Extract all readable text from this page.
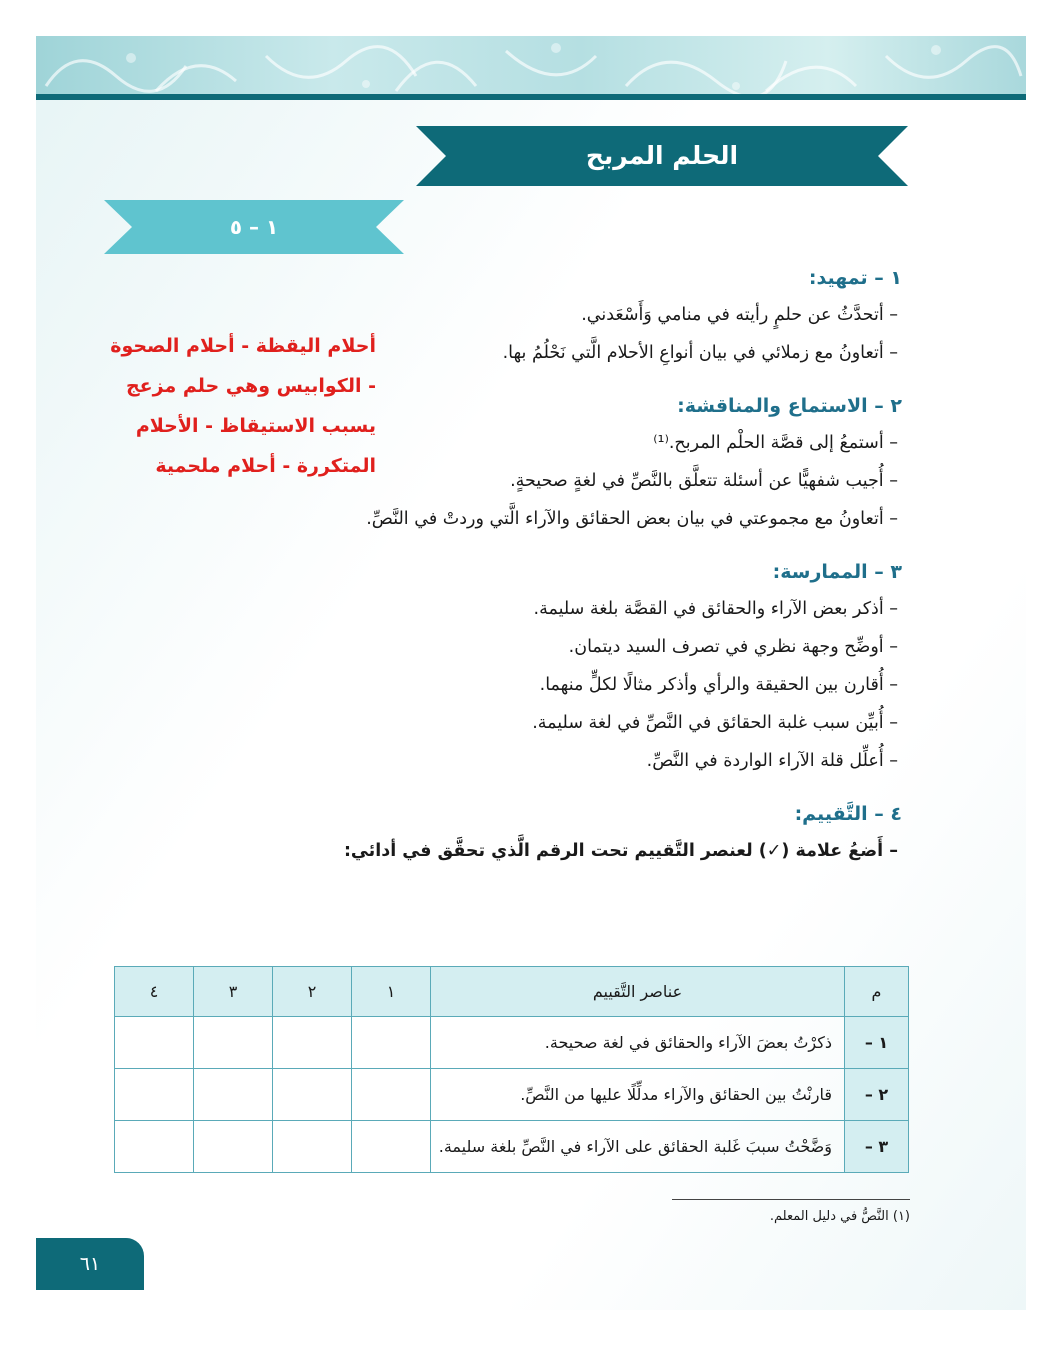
الحلم المربح
١ – ٥
١ – تمهيد:
– أتحدَّثُ عن حلمٍ رأيته في منامي وَأَسْعَدني.
– أتعاونُ مع زملائي في بيان أنواعِ الأحلام الَّتي نَحْلُمُ بها.
٢ – الاستماع والمناقشة:
– أستمعُ إلى قصَّة الحلْم المربح.⁽¹⁾
– أُجيب شفهيًّا عن أسئلة تتعلَّق بالنَّصِّ في لغةٍ صحيحةٍ.
– أتعاونُ مع مجموعتي في بيان بعض الحقائق والآراء الَّتي وردتْ في النَّصِّ.
٣ – الممارسة:
– أذكر بعض الآراء والحقائق في القصَّة بلغة سليمة.
– أوضِّح وجهة نظري في تصرف السيد ديتمان.
– أُقارن بين الحقيقة والرأي وأذكر مثالًا لكلٍّ منهما.
– أُبيِّن سبب غلبة الحقائق في النَّصِّ في لغة سليمة.
– أُعلِّل قلة الآراء الواردة في النَّصِّ.
٤ – التَّقييم:
– أَضعُ علامة (✓) لعنصر التَّقييم تحت الرقم الَّذي تحقَّق في أدائي:
أحلام اليقظة - أحلام الصحوة - الكوابيس وهي حلم مزعج يسبب الاستيقاظ - الأحلام المتكررة - أحلام ملحمية
م	عناصر التَّقييم	١	٢	٣	٤
١ –	ذكرْتُ بعضَ الآراء والحقائق في لغة صحيحة.				
٢ –	قارنْتُ بين الحقائق والآراء مدلِّلًا عليها من النَّصِّ.				
٣ –	وَضَّحْتُ سببَ غَلبة الحقائق على الآراء في النَّصِّ بلغة سليمة.				
(١) النَّصُّ في دليل المعلم.
٦١
